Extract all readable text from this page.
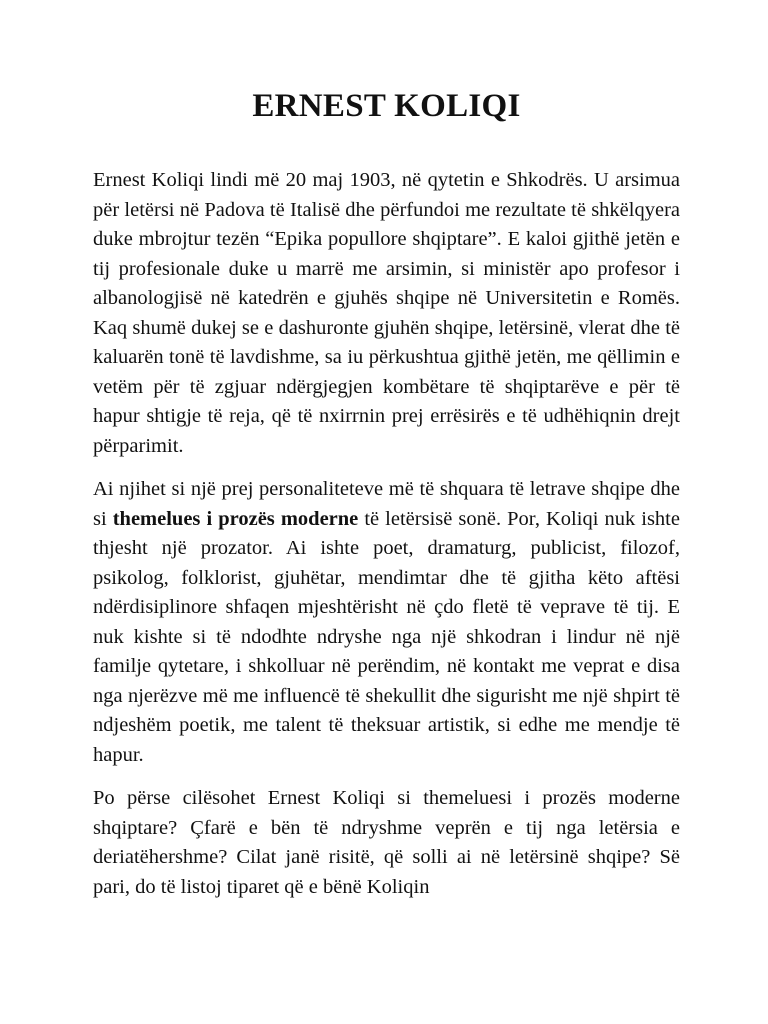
ERNEST KOLIQI

Ernest Koliqi lindi më 20 maj 1903, në qytetin e Shkodrës. U arsimua për letërsi në Padova të Italisë dhe përfundoi me rezultate të shkëlqyera duke mbrojtur tezën “Epika popullore shqiptare”. E kaloi gjithë jetën e tij profesionale duke u marrë me arsimin, si ministër apo profesor i albanologjisë në katedrën e gjuhës shqipe në Universitetin e Romës. Kaq shumë dukej se e dashuronte gjuhën shqipe, letërsinë, vlerat dhe të kaluarën tonë të lavdishme, sa iu përkushtua gjithë jetën, me qëllimin e vetëm për të zgjuar ndërgjegjen kombëtare të shqiptarëve e për të hapur shtigje të reja, që të nxirrnin prej errësirës e të udhëhiqnin drejt përparimit.

Ai njihet si një prej personaliteteve më të shquara të letrave shqipe dhe si themelues i prozës moderne të letërsisë sonë. Por, Koliqi nuk ishte thjesht një prozator. Ai ishte poet, dramaturg, publicist, filozof, psikolog, folklorist, gjuhëtar, mendimtar dhe të gjitha këto aftësi ndërdisiplinore shfaqen mjeshtërisht në çdo fletë të veprave të tij. E nuk kishte si të ndodhte ndryshe nga një shkodran i lindur në një familje qytetare, i shkolluar në perëndim, në kontakt me veprat e disa nga njerëzve më me influencë të shekullit dhe sigurisht me një shpirt të ndjeshëm poetik, me talent të theksuar artistik, si edhe me mendje të hapur.

Po përse cilësohet Ernest Koliqi si themeluesi i prozës moderne shqiptare? Çfarë e bën të ndryshme veprën e tij nga letërsia e deriatëhershme? Cilat janë risitë, që solli ai në letërsinë shqipe? Së pari, do të listoj tiparet që e bënë Koliqin
